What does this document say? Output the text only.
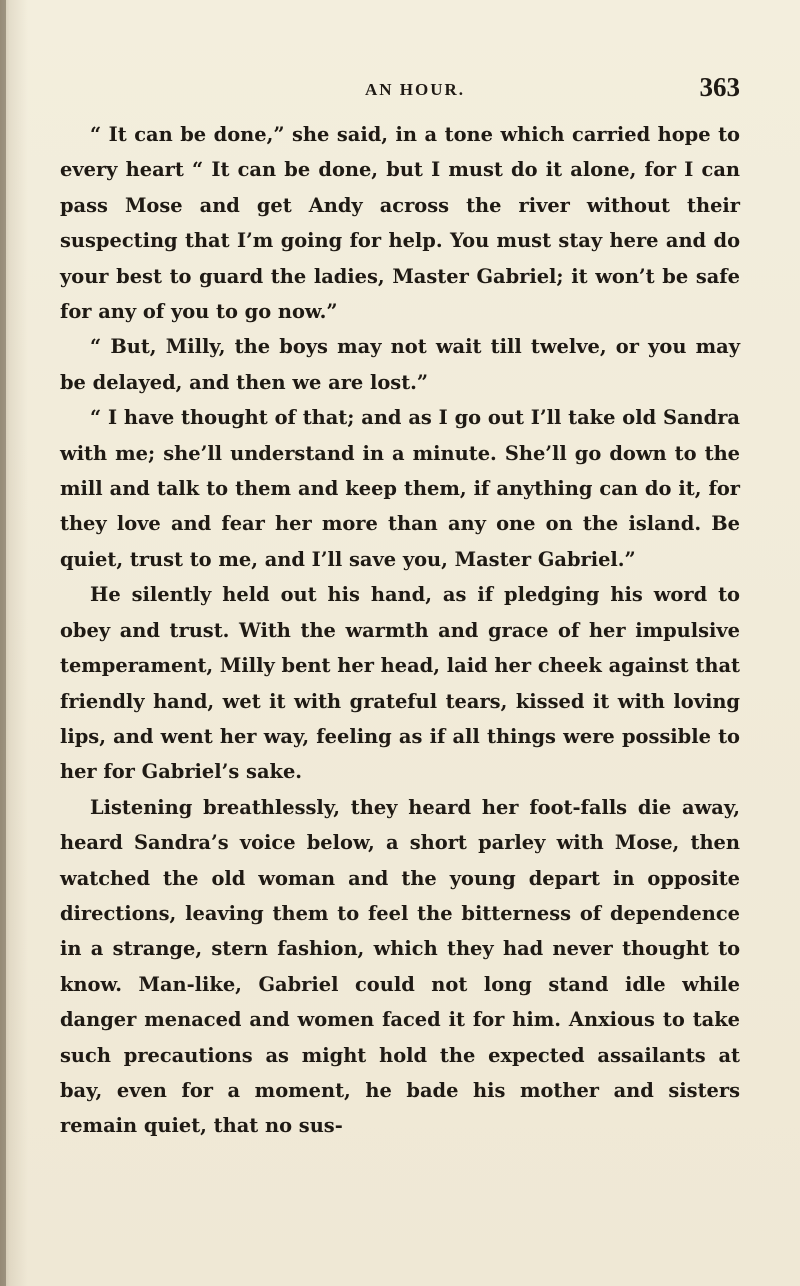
AN HOUR.	363

“ It can be done,” she said, in a tone which carried hope to every heart “ It can be done, but I must do it alone, for I can pass Mose and get Andy across the river without their suspecting that I’m going for help. You must stay here and do your best to guard the ladies, Master Gabriel; it won’t be safe for any of you to go now.”

“ But, Milly, the boys may not wait till twelve, or you may be delayed, and then we are lost.”

“ I have thought of that; and as I go out I’ll take old Sandra with me; she’ll understand in a minute. She’ll go down to the mill and talk to them and keep them, if anything can do it, for they love and fear her more than any one on the island. Be quiet, trust to me, and I’ll save you, Master Gabriel.”

He silently held out his hand, as if pledging his word to obey and trust. With the warmth and grace of her impulsive temperament, Milly bent her head, laid her cheek against that friendly hand, wet it with grateful tears, kissed it with loving lips, and went her way, feeling as if all things were possible to her for Gabriel’s sake.

Listening breathlessly, they heard her foot-falls die away, heard Sandra’s voice below, a short parley with Mose, then watched the old woman and the young depart in opposite directions, leaving them to feel the bitterness of dependence in a strange, stern fashion, which they had never thought to know. Man-like, Gabriel could not long stand idle while danger menaced and women faced it for him. Anxious to take such precautions as might hold the expected assailants at bay, even for a moment, he bade his mother and sisters remain quiet, that no sus-
